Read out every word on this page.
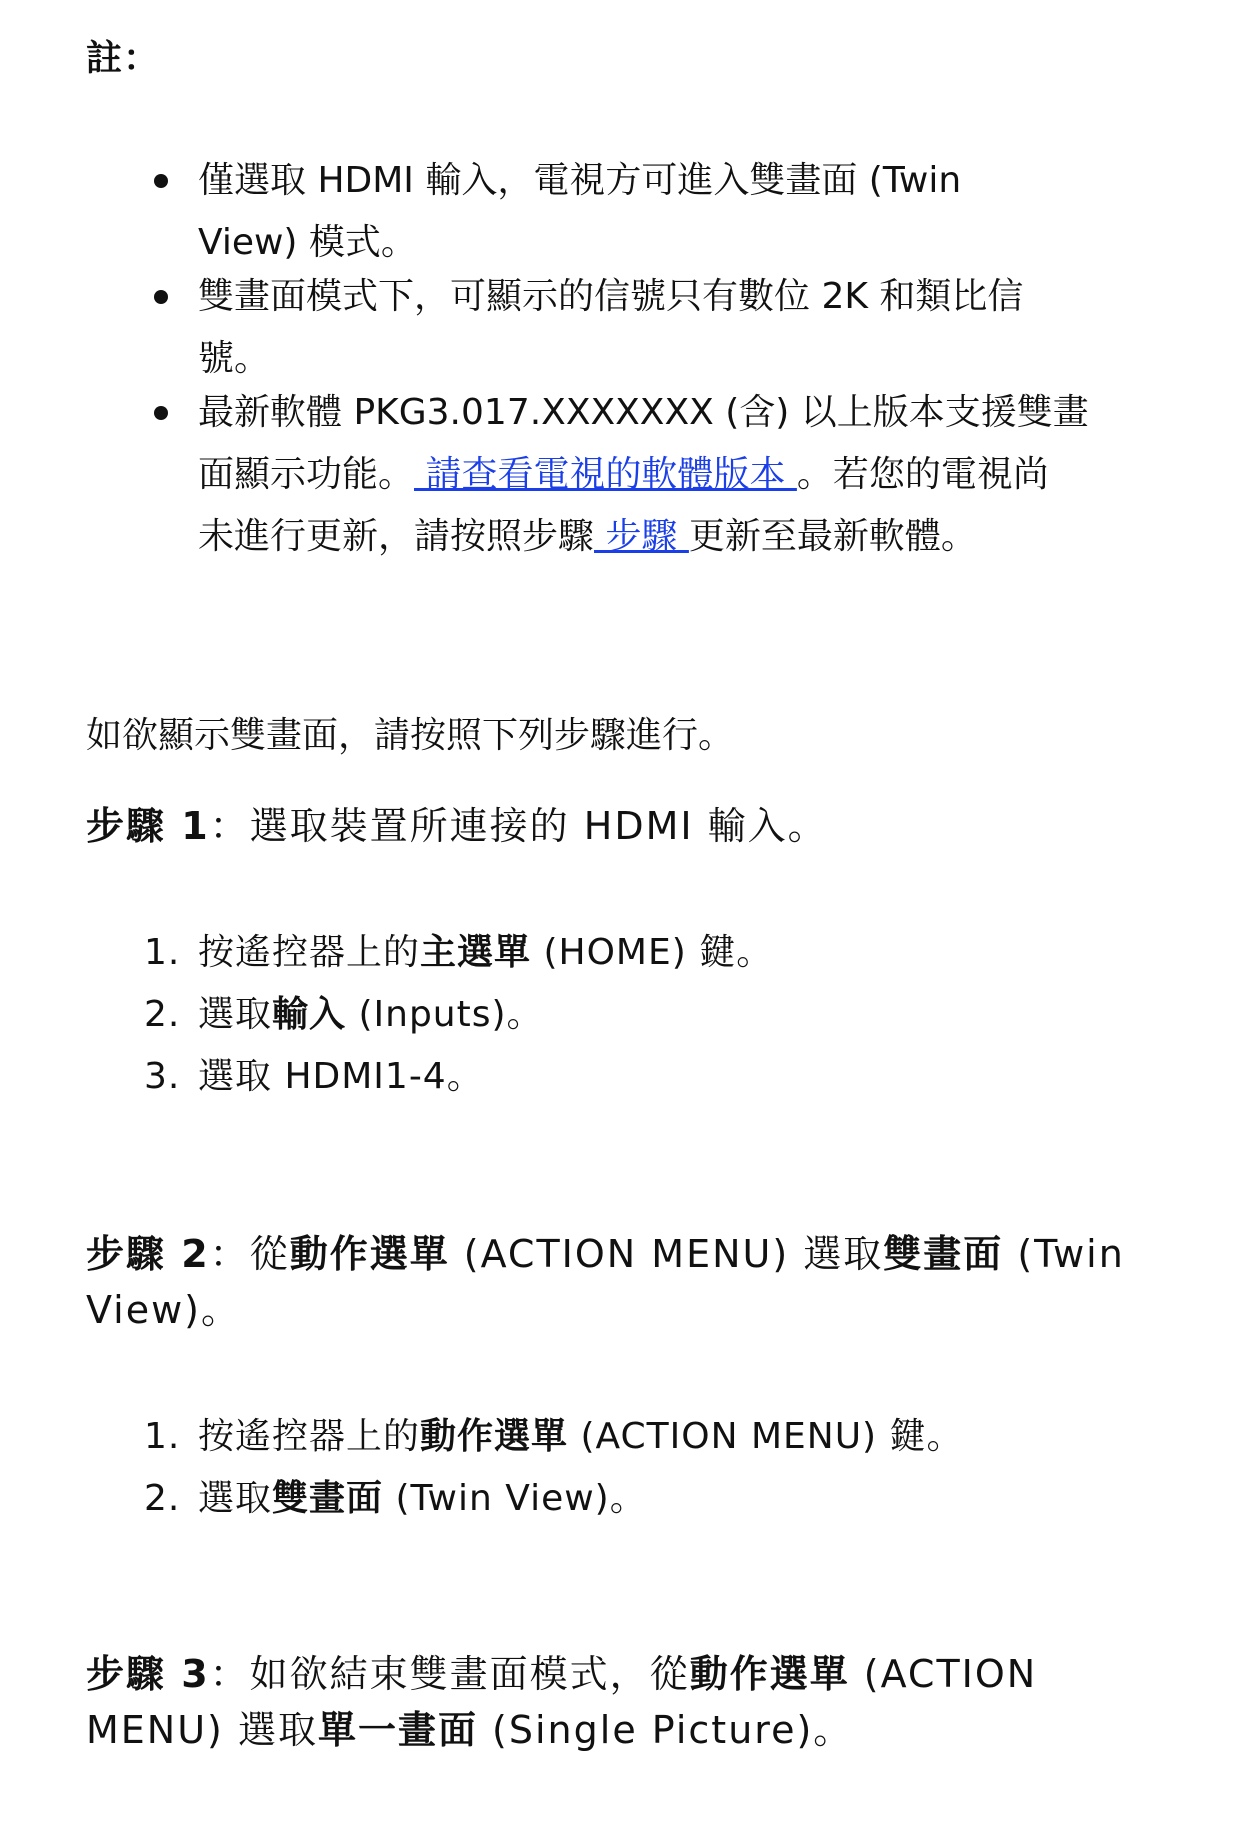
註：
僅選取 HDMI 輸入，電視方可進入雙畫面 (Twin
View) 模式。
雙畫面模式下，可顯示的信號只有數位 2K 和類比信
號。
最新軟體 PKG3.017.XXXXXXX (含) 以上版本支援雙畫
面顯示功能。 請查看電視的軟體版本 。若您的電視尚
未進行更新，請按照步驟 步驟 更新至最新軟體。

如欲顯示雙畫面，請按照下列步驟進行。

步驟 1：選取裝置所連接的 HDMI 輸入。

1. 按遙控器上的主選單 (HOME) 鍵。
2. 選取輸入 (Inputs)。
3. 選取 HDMI1-4。

步驟 2：從動作選單 (ACTION MENU) 選取雙畫面 (Twin View)。

1. 按遙控器上的動作選單 (ACTION MENU) 鍵。
2. 選取雙畫面 (Twin View)。

步驟 3：如欲結束雙畫面模式，從動作選單 (ACTION MENU) 選取單一畫面 (Single Picture)。
